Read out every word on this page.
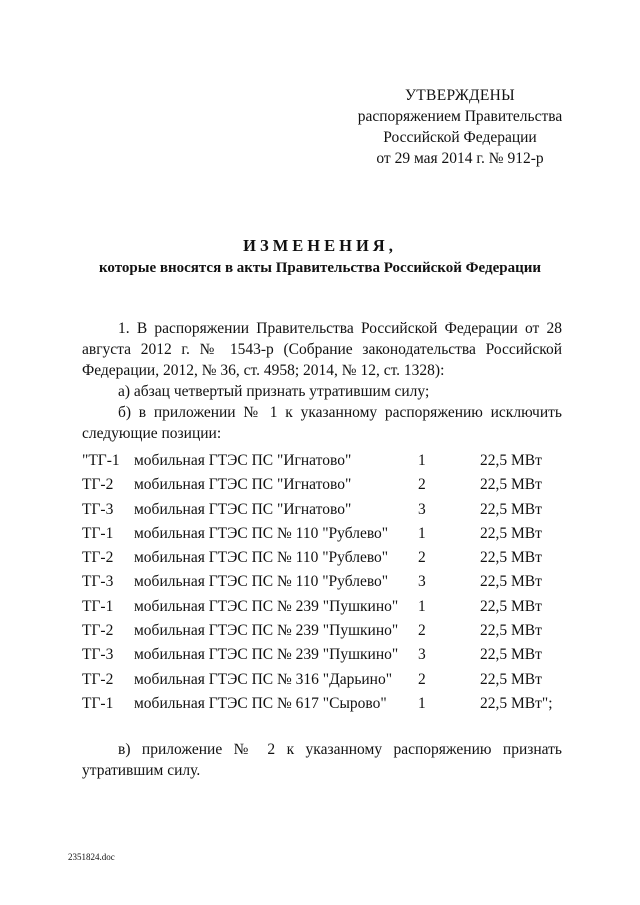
УТВЕРЖДЕНЫ
распоряжением Правительства
Российской Федерации
от 29 мая 2014 г. № 912-р
ИЗМЕНЕНИЯ,
которые вносятся в акты Правительства Российской Федерации
1. В распоряжении Правительства Российской Федерации от 28 августа 2012 г. № 1543-р (Собрание законодательства Российской Федерации, 2012, № 36, ст. 4958; 2014, № 12, ст. 1328):
а) абзац четвертый признать утратившим силу;
б) в приложении № 1 к указанному распоряжению исключить следующие позиции:
"ТГ-1 мобильная ГТЭС ПС "Игнатово"	1	22,5 МВт
ТГ-2 мобильная ГТЭС ПС "Игнатово"	2	22,5 МВт
ТГ-3 мобильная ГТЭС ПС "Игнатово"	3	22,5 МВт
ТГ-1 мобильная ГТЭС ПС № 110 "Рублево" 1	22,5 МВт
ТГ-2 мобильная ГТЭС ПС № 110 "Рублево" 2	22,5 МВт
ТГ-3 мобильная ГТЭС ПС № 110 "Рублево" 3	22,5 МВт
ТГ-1 мобильная ГТЭС ПС № 239 "Пушкино" 1	22,5 МВт
ТГ-2 мобильная ГТЭС ПС № 239 "Пушкино" 2	22,5 МВт
ТГ-3 мобильная ГТЭС ПС № 239 "Пушкино" 3	22,5 МВт
ТГ-2 мобильная ГТЭС ПС № 316 "Дарьино" 2	22,5 МВт
ТГ-1 мобильная ГТЭС ПС № 617 "Сырово" 1	22,5 МВт";
в) приложение № 2 к указанному распоряжению признать утратившим силу.
2351824.doc
